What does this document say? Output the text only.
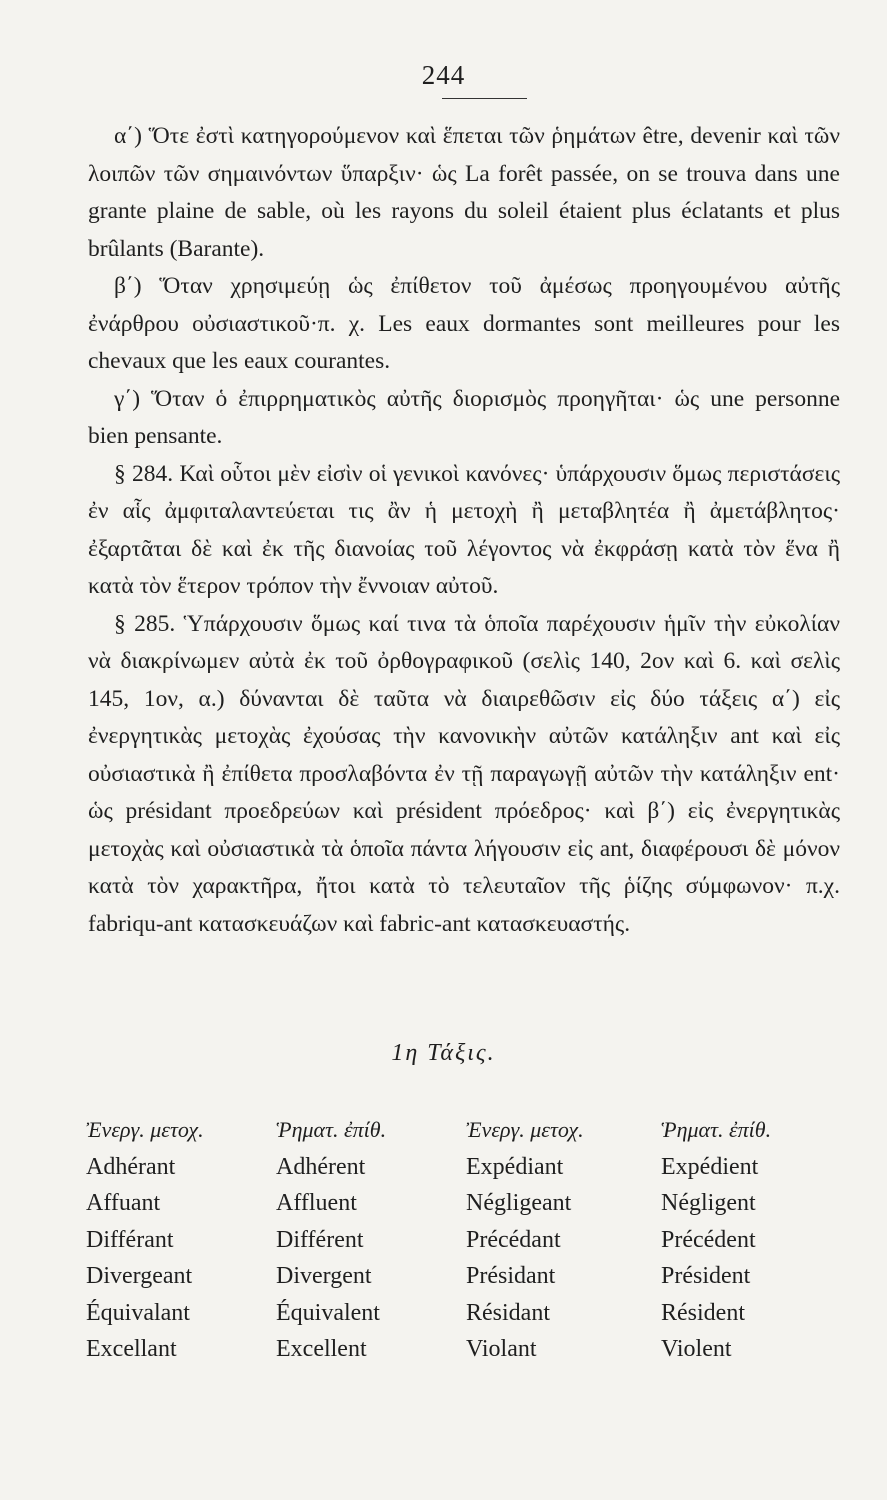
244

α΄) Ὅτε ἐστὶ κατηγορούμενον καὶ ἕπεται τῶν ῥημάτων être, devenir καὶ τῶν λοιπῶν τῶν σημαινόντων ὕπαρξιν· ὡς La forêt passée, on se trouva dans une grante plaine de sable, où les rayons du soleil étaient plus éclatants et plus brûlants (Barante).

β΄) Ὅταν χρησιμεύῃ ὡς ἐπίθετον τοῦ ἀμέσως προηγουμένου αὐτῆς ἐνάρθρου οὐσιαστικοῦ·π. χ. Les eaux dormantes sont meilleures pour les chevaux que les eaux courantes.

γ΄) Ὅταν ὁ ἐπιρρηματικὸς αὐτῆς διορισμὸς προηγῆται· ὡς une personne bien pensante.

§ 284. Καὶ οὗτοι μὲν εἰσὶν οἱ γενικοὶ κανόνες· ὑπάρχουσιν ὅμως περιστάσεις ἐν αἷς ἀμφιταλαντεύεται τις ἂν ἡ μετοχὴ ἢ μεταβλητέα ἢ ἀμετάβλητος· ἐξαρτᾶται δὲ καὶ ἐκ τῆς διανοίας τοῦ λέγοντος νὰ ἐκφράσῃ κατὰ τὸν ἕνα ἢ κατὰ τὸν ἕτερον τρόπον τὴν ἔννοιαν αὐτοῦ.

§ 285. Ὑπάρχουσιν ὅμως καί τινα τὰ ὁποῖα παρέχουσιν ἡμῖν τὴν εὐκολίαν νὰ διακρίνωμεν αὐτὰ ἐκ τοῦ ὀρθογραφικοῦ (σελὶς 140, 2ον καὶ 6. καὶ σελὶς 145, 1ον, α.) δύνανται δὲ ταῦτα νὰ διαιρεθῶσιν εἰς δύο τάξεις α΄) εἰς ἐνεργητικὰς μετοχὰς ἐχούσας τὴν κανονικὴν αὐτῶν κατάληξιν ant καὶ εἰς οὐσιαστικὰ ἢ ἐπίθετα προσλαβόντα ἐν τῇ παραγωγῇ αὐτῶν τὴν κατάληξιν ent· ὡς présidant προεδρεύων καὶ président πρόεδρος· καὶ β΄) εἰς ἐνεργητικὰς μετοχὰς καὶ οὐσιαστικὰ τὰ ὁποῖα πάντα λήγουσιν εἰς ant, διαφέρουσι δὲ μόνον κατὰ τὸν χαρακτῆρα, ἤτοι κατὰ τὸ τελευταῖον τῆς ῥίζης σύμφωνον· π.χ. fabriqu-ant κατασκευάζων καὶ fabric-ant κατασκευαστής.

1η Τάξις.
Ἐνεργ. μετοχ.
Adhérant
Affuant
Différant
Divergeant
Équivalant
Excellant
Ῥηματ. ἐπίθ.
Adhérent
Affluent
Différent
Divergent
Équivalent
Excellent
Ἐνεργ. μετοχ.
Expédiant
Négligeant
Précédant
Présidant
Résidant
Violant
Ῥηματ. ἐπίθ.
Expédient
Négligent
Précédent
Président
Résident
Violent
